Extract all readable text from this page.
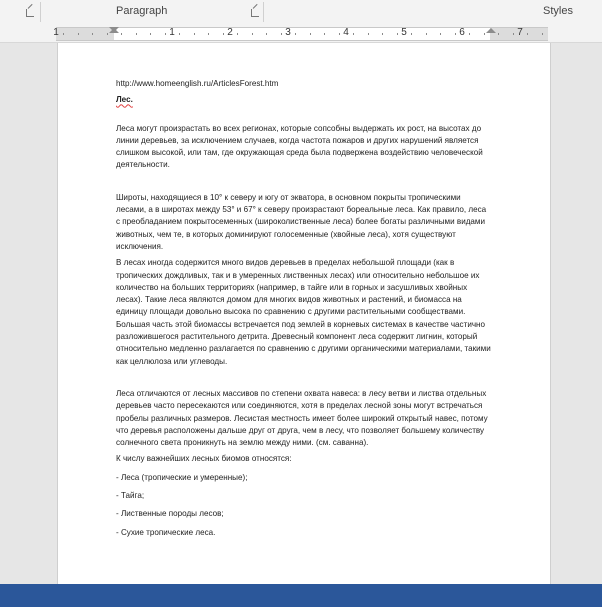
Paragraph	Styles
1	1	2	3	4	5	6	7

http://www.homeenglish.ru/ArticlesForest.htm

Лес.

Леса могут произрастать во всех регионах, которые сопсобны выдержать их рост, на высотах до линии деревьев, за исключением случаев, когда частота пожаров и других нарушений является слишком высокой, или там, где окружающая среда была подвержена воздействию человеческой деятельности.

Широты, находящиеся в 10° к северу и югу от экватора, в основном покрыты тропическими лесами, а в широтах между 53° и 67° к северу произрастают бореальные леса. Как правило, леса с преобладанием покрытосеменных (широколиственные леса) более богаты различными видами животных, чем те, в которых доминируют голосеменные (хвойные леса), хотя существуют исключения.

В лесах иногда содержится много видов деревьев в пределах небольшой площади (как в тропических дождливых, так и в умеренных лиственных лесах) или относительно небольшое их количество на больших территориях (например, в тайге или в горных и засушливых хвойных лесах). Такие леса являются домом для многих видов животных и растений, и биомасса на единицу площади довольно высока по сравнению с другими растительными сообществами. Большая часть этой биомассы встречается под землей в корневых системах в качестве частично разложившегося растительного детрита. Древесный компонент леса содержит лигнин, который относительно медленно разлагается по сравнению с другими органическими материалами, такими как целлюлоза или углеводы.

Леса отличаются от лесных массивов по степени охвата навеса: в лесу ветви и листва отдельных деревьев часто пересекаются или соединяются, хотя в пределах лесной зоны могут встречаться пробелы различных размеров. Лесистая местность имеет более широкий открытый навес, потому что деревья расположены дальше друг от друга, чем в лесу, что позволяет большему количеству солнечного света проникнуть на землю между ними. (см. саванна).

К числу важнейших лесных биомов относятся:

- Леса (тропические и умеренные);

- Тайга;

- Лиственные породы лесов;

- Сухие тропические леса.
